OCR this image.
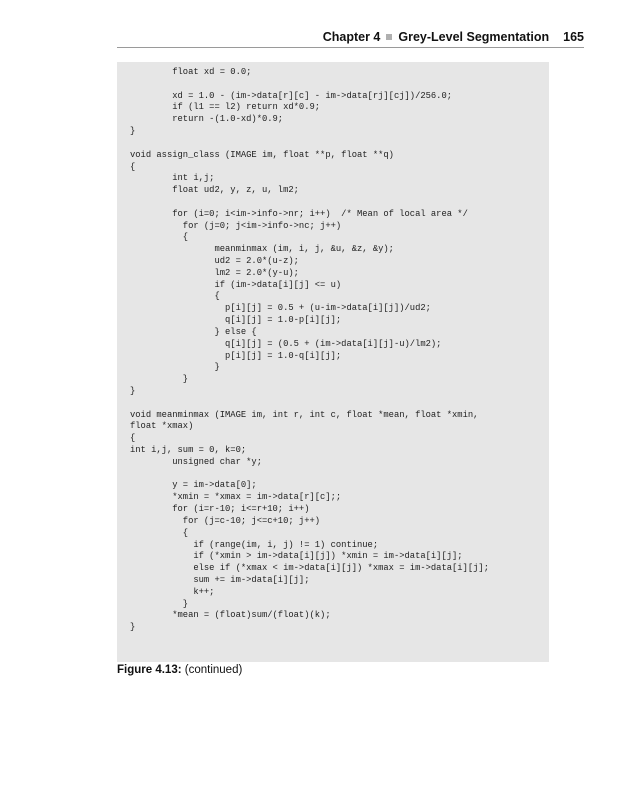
Chapter 4 Grey-Level Segmentation 165
float xd = 0.0;

xd = 1.0 - (im->data[r][c] - im->data[rj][cj])/256.0;
if (l1 == l2) return xd*0.9;
return -(1.0-xd)*0.9;
}

void assign_class (IMAGE im, float **p, float **q)
{
int i,j;
float ud2, y, z, u, lm2;

for (i=0; i<im->info->nr; i++)  /* Mean of local area */
for (j=0; j<im->info->nc; j++)
{
meanminmax (im, i, j, &u, &z, &y);
ud2 = 2.0*(u-z);
lm2 = 2.0*(y-u);
if (im->data[i][j] <= u)
{
p[i][j] = 0.5 + (u-im->data[i][j])/ud2;
q[i][j] = 1.0-p[i][j];
} else {
q[i][j] = (0.5 + (im->data[i][j]-u)/lm2);
p[i][j] = 1.0-q[i][j];
}
}
}

void meanminmax (IMAGE im, int r, int c, float *mean, float *xmin,
float *xmax)
{
int i,j, sum = 0, k=0;
unsigned char *y;

y = im->data[0];
*xmin = *xmax = im->data[r][c];;
for (i=r-10; i<=r+10; i++)
for (j=c-10; j<=c+10; j++)
{
if (range(im, i, j) != 1) continue;
if (*xmin > im->data[i][j]) *xmin = im->data[i][j];
else if (*xmax < im->data[i][j]) *xmax = im->data[i][j];
sum += im->data[i][j];
k++;
}
*mean = (float)sum/(float)(k);
}
Figure 4.13: (continued)
